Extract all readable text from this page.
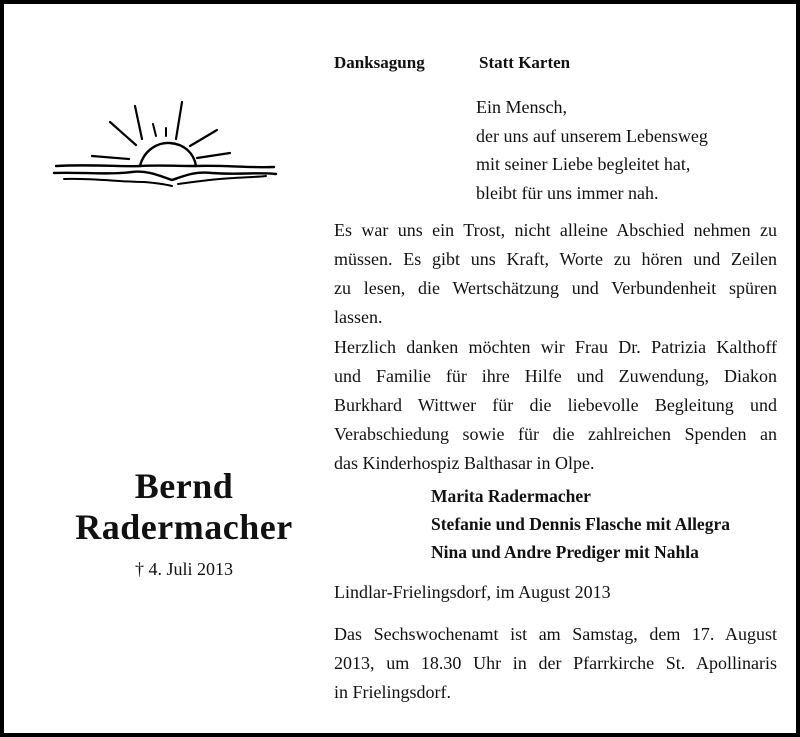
Bernd
Radermacher
† 4. Juli 2013
Danksagung	Statt Karten
Ein Mensch,
der uns auf unserem Lebensweg
mit seiner Liebe begleitet hat,
bleibt für uns immer nah.
Es war uns ein Trost, nicht alleine Abschied nehmen zu
müssen. Es gibt uns Kraft, Worte zu hören und Zeilen
zu lesen, die Wertschätzung und Verbundenheit spüren
lassen.
Herzlich danken möchten wir Frau Dr. Patrizia Kalthoff
und Familie für ihre Hilfe und Zuwendung, Diakon
Burkhard Wittwer für die liebevolle Begleitung und
Verabschiedung sowie für die zahlreichen Spenden an
das Kinderhospiz Balthasar in Olpe.
Marita Radermacher
Stefanie und Dennis Flasche mit Allegra
Nina und Andre Prediger mit Nahla
Lindlar-Frielingsdorf, im August 2013
Das Sechswochenamt ist am Samstag, dem 17. August
2013, um 18.30 Uhr in der Pfarrkirche St. Apollinaris
in Frielingsdorf.
